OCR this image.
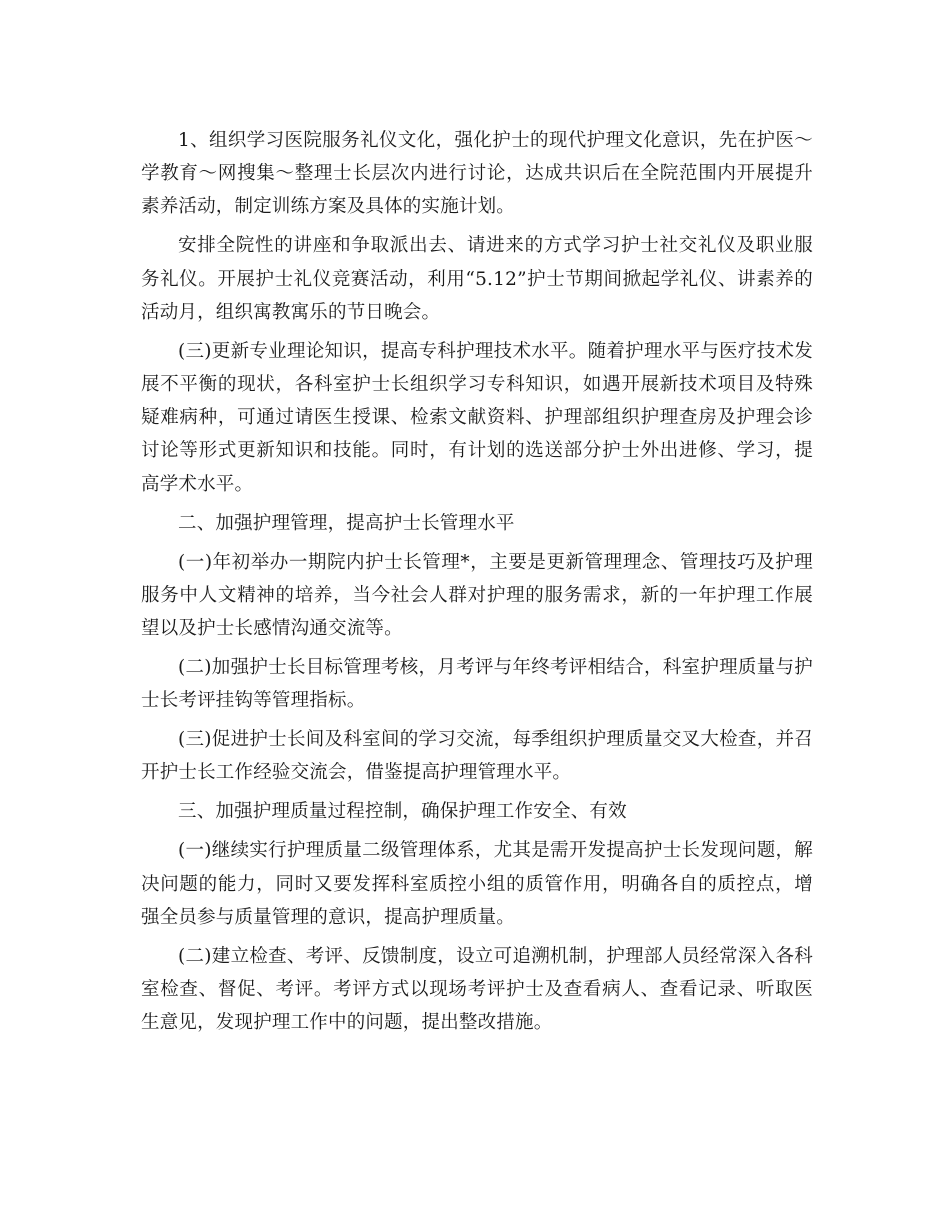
1、组织学习医院服务礼仪文化，强化护士的现代护理文化意识，先在护医～学教育～网搜集～整理士长层次内进行讨论，达成共识后在全院范围内开展提升素养活动，制定训练方案及具体的实施计划。

安排全院性的讲座和争取派出去、请进来的方式学习护士社交礼仪及职业服务礼仪。开展护士礼仪竞赛活动，利用“5.12”护士节期间掀起学礼仪、讲素养的活动月，组织寓教寓乐的节日晚会。

(三)更新专业理论知识，提高专科护理技术水平。随着护理水平与医疗技术发展不平衡的现状，各科室护士长组织学习专科知识，如遇开展新技术项目及特殊疑难病种，可通过请医生授课、检索文献资料、护理部组织护理查房及护理会诊讨论等形式更新知识和技能。同时，有计划的选送部分护士外出进修、学习，提高学术水平。

二、加强护理管理，提高护士长管理水平

(一)年初举办一期院内护士长管理*，主要是更新管理理念、管理技巧及护理服务中人文精神的培养，当今社会人群对护理的服务需求，新的一年护理工作展望以及护士长感情沟通交流等。

(二)加强护士长目标管理考核，月考评与年终考评相结合，科室护理质量与护士长考评挂钩等管理指标。

(三)促进护士长间及科室间的学习交流，每季组织护理质量交叉大检查，并召开护士长工作经验交流会，借鉴提高护理管理水平。

三、加强护理质量过程控制，确保护理工作安全、有效

(一)继续实行护理质量二级管理体系，尤其是需开发提高护士长发现问题，解决问题的能力，同时又要发挥科室质控小组的质管作用，明确各自的质控点，增强全员参与质量管理的意识，提高护理质量。

(二)建立检查、考评、反馈制度，设立可追溯机制，护理部人员经常深入各科室检查、督促、考评。考评方式以现场考评护士及查看病人、查看记录、听取医生意见，发现护理工作中的问题，提出整改措施。
